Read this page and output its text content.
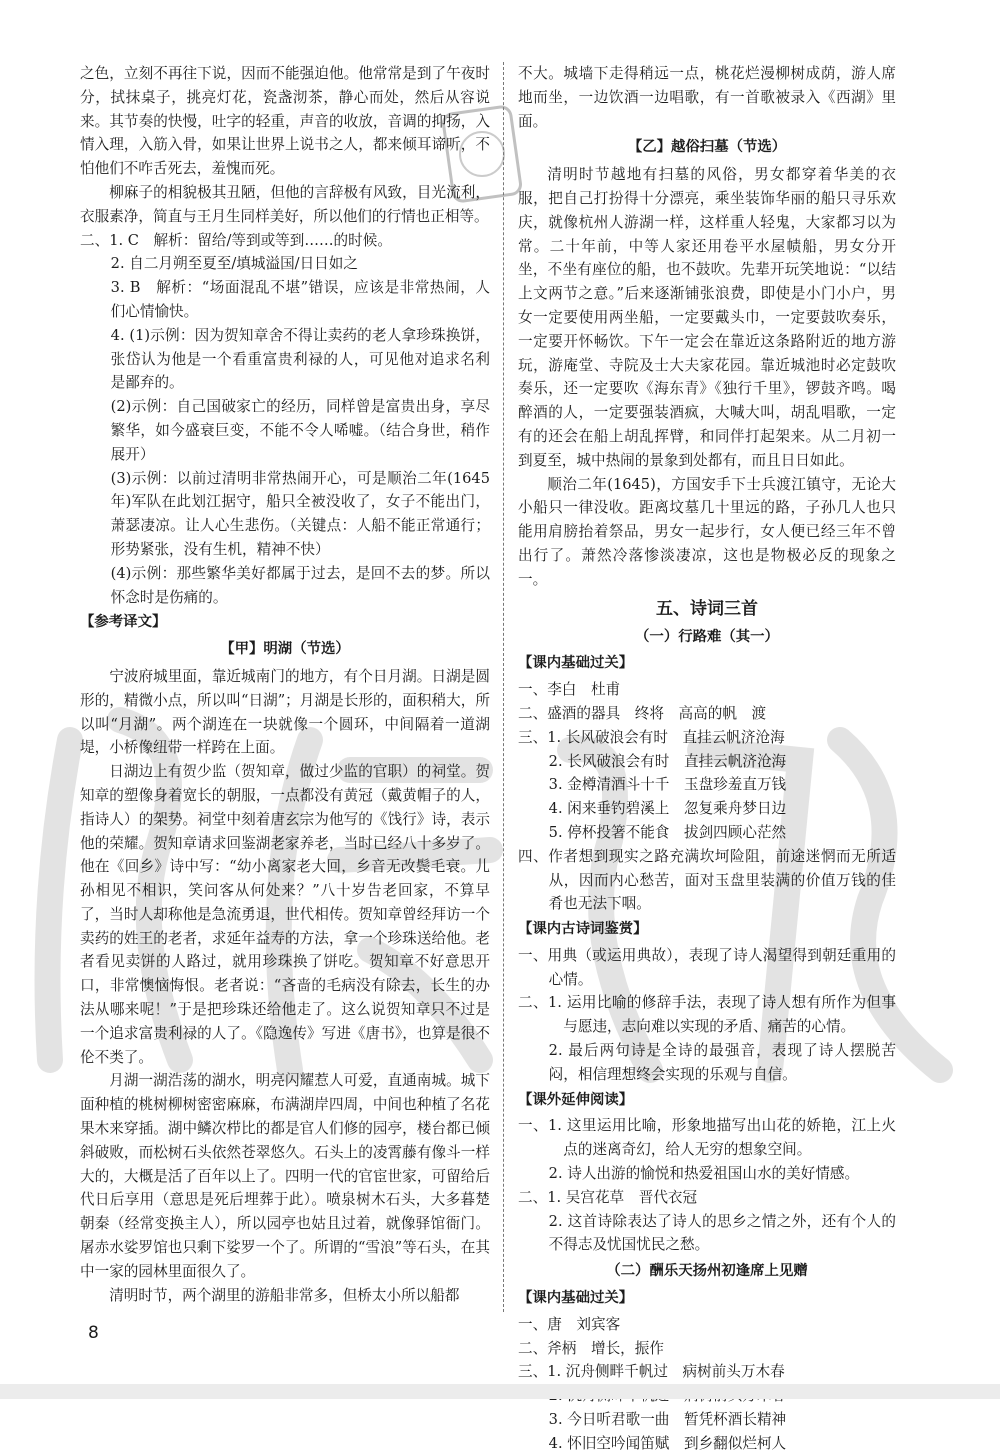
之色，立刻不再往下说，因而不能强迫他。他常常是到了午夜时分，拭抹桌子，挑亮灯花，瓷盏沏茶，静心而处，然后从容说来。其节奏的快慢，吐字的轻重，声音的收放，音调的抑扬，入情入理，入筋入骨，如果让世界上说书之人，都来倾耳谛听，不怕他们不咋舌死去，羞愧而死。

柳麻子的相貌极其丑陋，但他的言辞极有风致，目光流利，衣服素净，简直与王月生同样美好，所以他们的行情也正相等。

二、1. C　解析：留给/等到或等到……的时候。

2. 自二月朔至夏至/填城溢国/日日如之

3. B　解析：“场面混乱不堪”错误，应该是非常热闹，人们心情愉快。

4. (1)示例：因为贺知章舍不得让卖药的老人拿珍珠换饼，张岱认为他是一个看重富贵利禄的人，可见他对追求名利是鄙弃的。

(2)示例：自己国破家亡的经历，同样曾是富贵出身，享尽繁华，如今盛衰巨变，不能不令人唏嘘。（结合身世，稍作展开）

(3)示例：以前过清明非常热闹开心，可是顺治二年(1645年)军队在此划江据守，船只全被没收了，女子不能出门，萧瑟凄凉。让人心生悲伤。（关键点：人船不能正常通行；形势紧张，没有生机，精神不快）

(4)示例：那些繁华美好都属于过去，是回不去的梦。所以怀念时是伤痛的。

【参考译文】

【甲】明湖（节选）

宁波府城里面，靠近城南门的地方，有个日月湖。日湖是圆形的，精微小点，所以叫“日湖”；月湖是长形的，面积稍大，所以叫“月湖”。两个湖连在一块就像一个圆环，中间隔着一道湖堤，小桥像纽带一样跨在上面。

日湖边上有贺少监（贺知章，做过少监的官职）的祠堂。贺知章的塑像身着宽长的朝服，一点都没有黄冠（戴黄帽子的人，指诗人）的架势。祠堂中刻着唐玄宗为他写的《饯行》诗，表示他的荣耀。贺知章请求回鉴湖老家养老，当时已经八十多岁了。他在《回乡》诗中写：“幼小离家老大回，乡音无改鬓毛衰。儿孙相见不相识，笑问客从何处来？”八十岁告老回家，不算早了，当时人却称他是急流勇退，世代相传。贺知章曾经拜访一个卖药的姓王的老者，求延年益寿的方法，拿一个珍珠送给他。老者看见卖饼的人路过，就用珍珠换了饼吃。贺知章不好意思开口，非常懊恼悔恨。老者说：“吝啬的毛病没有除去，长生的办法从哪来呢！”于是把珍珠还给他走了。这么说贺知章只不过是一个追求富贵利禄的人了。《隐逸传》写进《唐书》，也算是很不伦不类了。

月湖一湖浩荡的湖水，明亮闪耀惹人可爱，直通南城。城下面种植的桃树柳树密密麻麻，布满湖岸四周，中间也种植了名花果木来穿插。湖中鳞次栉比的都是官人们修的园亭，楼台都已倾斜破败，而松树石头依然苍翠悠久。石头上的凌霄藤有像斗一样大的，大概是活了百年以上了。四明一代的官宦世家，可留给后代日后享用（意思是死后埋葬于此）。喷泉树木石头，大多暮楚朝秦（经常变换主人），所以园亭也姑且过着，就像驿馆衙门。屠赤水娑罗馆也只剩下娑罗一个了。所谓的“雪浪”等石头，在其中一家的园林里面很久了。

清明时节，两个湖里的游船非常多，但桥太小所以船都

不大。城墙下走得稍远一点，桃花烂漫柳树成荫，游人席地而坐，一边饮酒一边唱歌，有一首歌被录入《西湖》里面。

【乙】越俗扫墓（节选）

清明时节越地有扫墓的风俗，男女都穿着华美的衣服，把自己打扮得十分漂亮，乘坐装饰华丽的船只寻乐欢庆，就像杭州人游湖一样，这样重人轻鬼，大家都习以为常。二十年前，中等人家还用卷平水屋帻船，男女分开坐，不坐有座位的船，也不鼓吹。先辈开玩笑地说：“以结上文两节之意。”后来逐渐铺张浪费，即使是小门小户，男女一定要使用两坐船，一定要戴头巾，一定要鼓吹奏乐，一定要开怀畅饮。下午一定会在靠近这条路附近的地方游玩，游庵堂、寺院及士大夫家花园。靠近城池时必定鼓吹奏乐，还一定要吹《海东青》《独行千里》，锣鼓齐鸣。喝醉酒的人，一定要强装酒疯，大喊大叫，胡乱唱歌，一定有的还会在船上胡乱挥臂，和同伴打起架来。从二月初一到夏至，城中热闹的景象到处都有，而且日日如此。

顺治二年(1645)，方国安手下士兵渡江镇守，无论大小船只一律没收。距离坟墓几十里远的路，子孙几人也只能用肩膀抬着祭品，男女一起步行，女人便已经三年不曾出行了。萧然冷落惨淡凄凉，这也是物极必反的现象之一。

五、诗词三首

（一）行路难（其一）

【课内基础过关】

一、李白　杜甫

二、盛酒的器具　终将　高高的帆　渡

三、1. 长风破浪会有时　直挂云帆济沧海

2. 长风破浪会有时　直挂云帆济沧海

3. 金樽清酒斗十千　玉盘珍羞直万钱

4. 闲来垂钓碧溪上　忽复乘舟梦日边

5. 停杯投箸不能食　拔剑四顾心茫然

四、作者想到现实之路充满坎坷险阻，前途迷惘而无所适从，因而内心愁苦，面对玉盘里装满的价值万钱的佳肴也无法下咽。

【课内古诗词鉴赏】

一、用典（或运用典故），表现了诗人渴望得到朝廷重用的心情。

二、1. 运用比喻的修辞手法，表现了诗人想有所作为但事与愿违，志向难以实现的矛盾、痛苦的心情。

2. 最后两句诗是全诗的最强音，表现了诗人摆脱苦闷，相信理想终会实现的乐观与自信。

【课外延伸阅读】

一、1. 这里运用比喻，形象地描写出山花的娇艳，江上火点的迷离奇幻，给人无穷的想象空间。

2. 诗人出游的愉悦和热爱祖国山水的美好情感。

二、1. 吴宫花草　晋代衣冠

2. 这首诗除表达了诗人的思乡之情之外，还有个人的不得志及忧国忧民之愁。

（二）酬乐天扬州初逢席上见赠

【课内基础过关】

一、唐　刘宾客

二、斧柄　增长，振作

三、1. 沉舟侧畔千帆过　病树前头万木春

3. 今日听君歌一曲　暂凭杯酒长精神

4. 怀旧空吟闻笛赋　到乡翻似烂柯人

8
